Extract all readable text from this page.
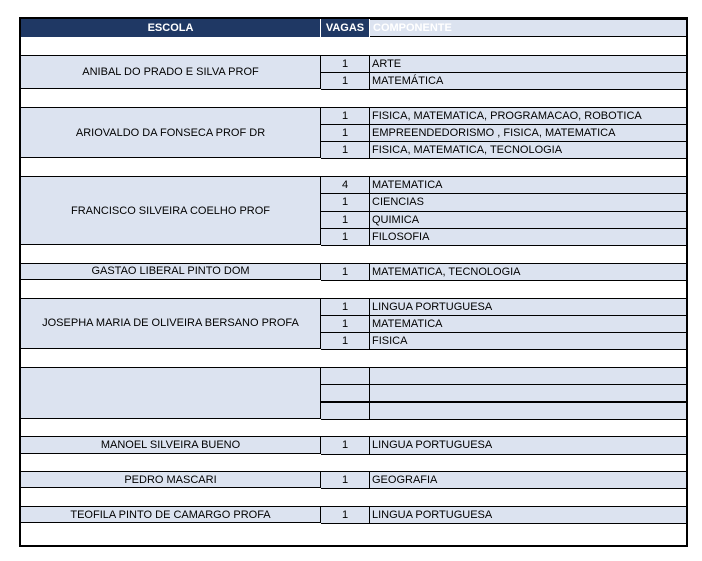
ESCOLA	VAGAS COMPONENTE
ANIBAL DO PRADO E SILVA PROF
1	ARTE
1	MATEMÁTICA
ARIOVALDO DA FONSECA PROF DR
1	FISICA, MATEMATICA, PROGRAMACAO, ROBOTICA
1	EMPREENDEDORISMO , FISICA, MATEMATICA
1	FISICA, MATEMATICA, TECNOLOGIA
FRANCISCO SILVEIRA COELHO PROF
4	MATEMATICA
1	CIENCIAS
1	QUIMICA
1	FILOSOFIA
GASTAO LIBERAL PINTO DOM	1	MATEMATICA, TECNOLOGIA
JOSEPHA MARIA DE OLIVEIRA BERSANO PROFA
1	LINGUA PORTUGUESA
1	MATEMATICA
1	FISICA
MANOEL SILVEIRA BUENO	1	LINGUA PORTUGUESA
PEDRO MASCARI	1	GEOGRAFIA
TEOFILA PINTO DE CAMARGO PROFA	1	LINGUA PORTUGUESA
